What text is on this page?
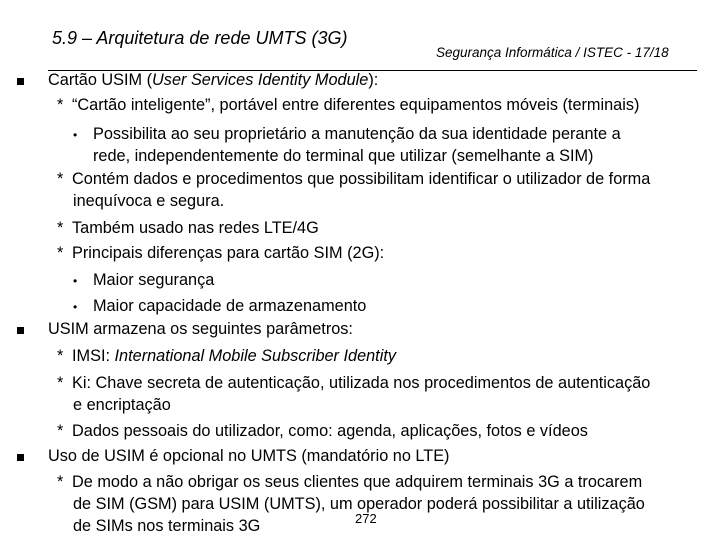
5.9 – Arquitetura de rede UMTS (3G)
Segurança Informática / ISTEC - 17/18
Cartão USIM (User Services Identity Module):
* “Cartão inteligente”, portável entre diferentes equipamentos móveis (terminais)
• Possibilita ao seu proprietário a manutenção da sua identidade perante a
rede, independentemente do terminal que utilizar (semelhante a SIM)
* Contém dados e procedimentos que possibilitam identificar o utilizador de forma
inequívoca e segura.
* Também usado nas redes LTE/4G
* Principais diferenças para cartão SIM (2G):
• Maior segurança
• Maior capacidade de armazenamento
USIM armazena os seguintes parâmetros:
* IMSI: International Mobile Subscriber Identity
* Ki: Chave secreta de autenticação, utilizada nos procedimentos de autenticação
e encriptação
* Dados pessoais do utilizador, como: agenda, aplicações, fotos e vídeos
Uso de USIM é opcional no UMTS (mandatório no LTE)
* De modo a não obrigar os seus clientes que adquirem terminais 3G a trocarem
de SIM (GSM) para USIM (UMTS), um operador poderá possibilitar a utilização
de SIMs nos terminais 3G	272
